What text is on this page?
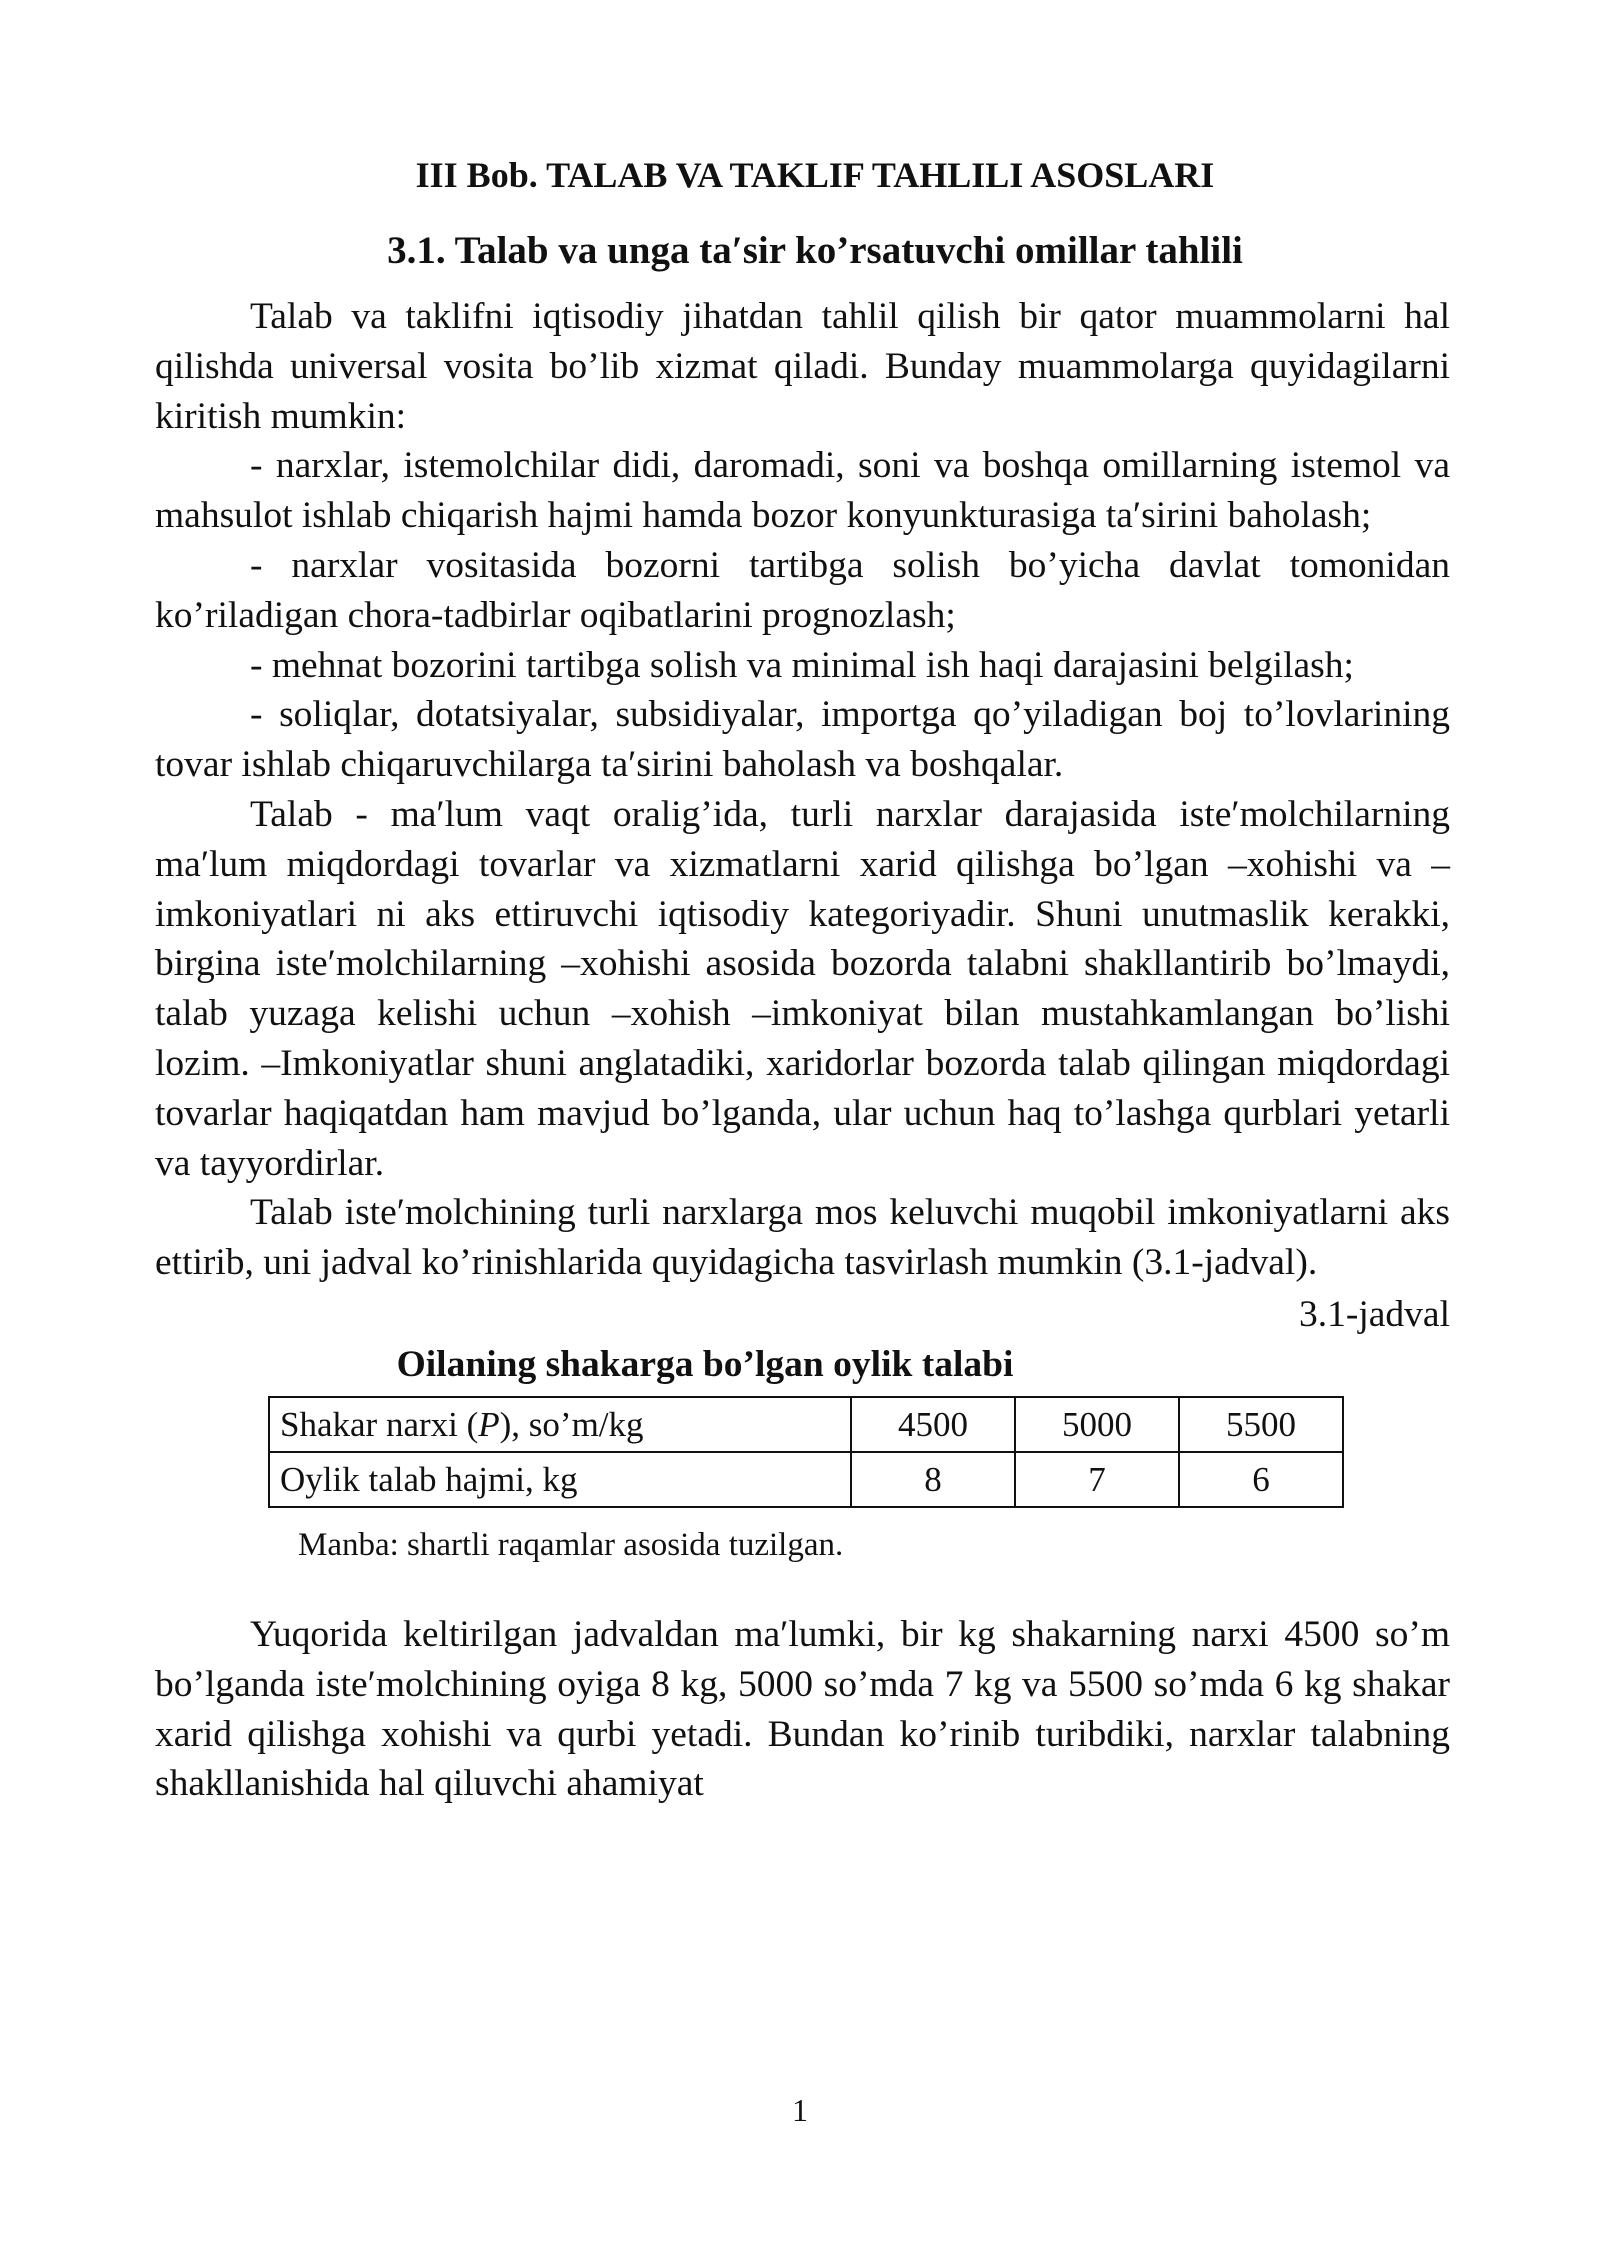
III Bob. TALAB VA TAKLIF TAHLILI ASOSLARI
3.1. Talab va unga ta′sir ko’rsatuvchi omillar tahlili

Talab va taklifni iqtisodiy jihatdan tahlil qilish bir qator muammolarni hal qilishda universal vosita bo’lib xizmat qiladi. Bunday muammolarga quyidagilarni kiritish mumkin:

- narxlar, istemolchilar didi, daromadi, soni va boshqa omillarning istemol va mahsulot ishlab chiqarish hajmi hamda bozor konyunkturasiga ta′sirini baholash;

- narxlar vositasida bozorni tartibga solish bo’yicha davlat tomonidan ko’riladigan chora-tadbirlar oqibatlarini prognozlash;

- mehnat bozorini tartibga solish va minimal ish haqi darajasini belgilash;

- soliqlar, dotatsiyalar, subsidiyalar, importga qo’yiladigan boj to’lovlarining tovar ishlab chiqaruvchilarga ta′sirini baholash va boshqalar.

Talab - ma′lum vaqt oralig’ida, turli narxlar darajasida iste′molchilarning ma′lum miqdordagi tovarlar va xizmatlarni xarid qilishga bo’lgan –xohishi va –imkoniyatlari ni aks ettiruvchi iqtisodiy kategoriyadir. Shuni unutmaslik kerakki, birgina iste′molchilarning –xohishi asosida bozorda talabni shakllantirib bo’lmaydi, talab yuzaga kelishi uchun –xohish –imkoniyat bilan mustahkamlangan bo’lishi lozim. –Imkoniyatlar shuni anglatadiki, xaridorlar bozorda talab qilingan miqdordagi tovarlar haqiqatdan ham mavjud bo’lganda, ular uchun haq to’lashga qurblari yetarli va tayyordirlar.

Talab iste′molchining turli narxlarga mos keluvchi muqobil imkoniyatlarni aks ettirib, uni jadval ko’rinishlarida quyidagicha tasvirlash mumkin (3.1-jadval).

3.1-jadval
Oilaning shakarga bo’lgan oylik talabi
Shakar narxi (P), so’m/kg	4500	5000	5500
Oylik talab hajmi, kg	8	7	6
Manba: shartli raqamlar asosida tuzilgan.

Yuqorida keltirilgan jadvaldan ma′lumki, bir kg shakarning narxi 4500 so’m bo’lganda iste′molchining oyiga 8 kg, 5000 so’mda 7 kg va 5500 so’mda 6 kg shakar xarid qilishga xohishi va qurbi yetadi. Bundan ko’rinib turibdiki, narxlar talabning shakllanishida hal qiluvchi ahamiyat

1
